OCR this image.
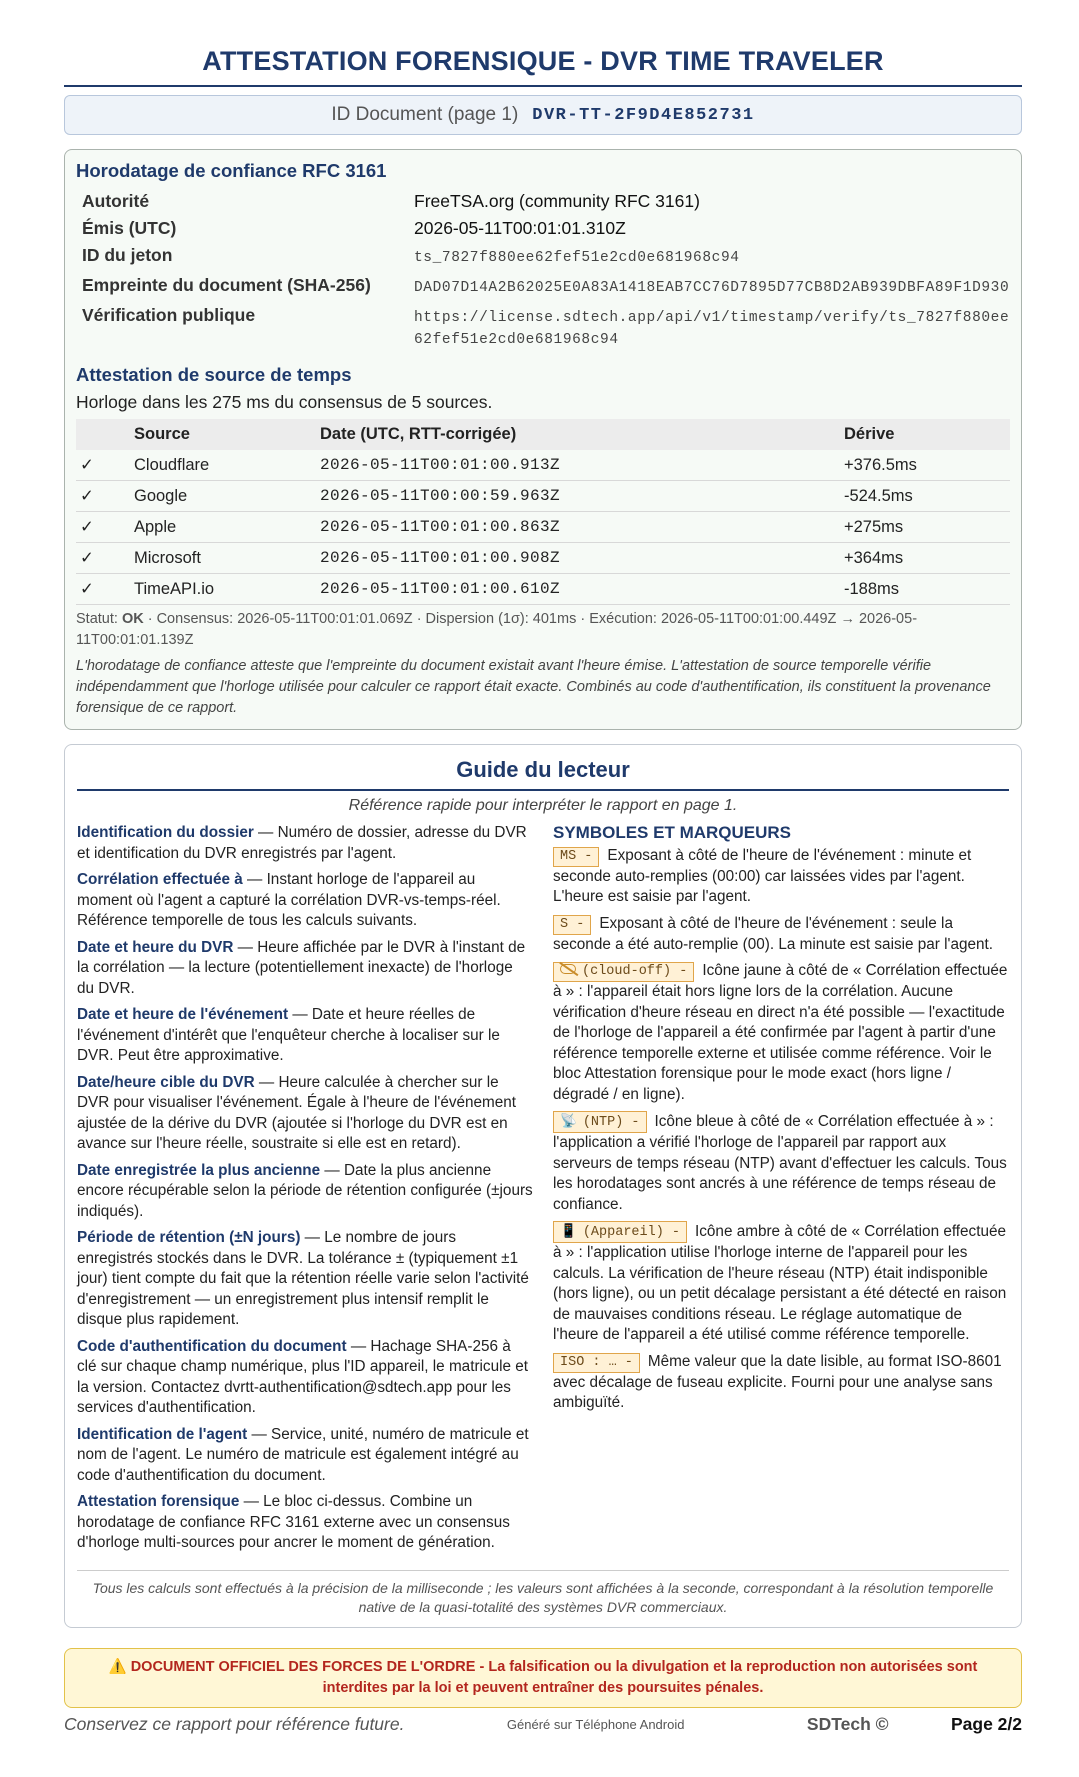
ATTESTATION FORENSIQUE - DVR TIME TRAVELER
ID Document (page 1) DVR-TT-2F9D4E852731
Horodatage de confiance RFC 3161
Autorité	FreeTSA.org (community RFC 3161)
Émis (UTC)	2026-05-11T00:01:01.310Z
ID du jeton	ts_7827f880ee62fef51e2cd0e681968c94
Empreinte du document (SHA-256)	DAD07D14A2B62025E0A83A1418EAB7CC76D7895D77CB8D2AB939DBFA89F1D930
Vérification publique	https://license.sdtech.app/api/v1/timestamp/verify/ts_7827f880ee62fef51e2cd0e681968c94
Attestation de source de temps
Horloge dans les 275 ms du consensus de 5 sources.
	Source	Date (UTC, RTT-corrigée)	Dérive
✓	Cloudflare	2026-05-11T00:01:00.913Z	+376.5ms
✓	Google	2026-05-11T00:00:59.963Z	-524.5ms
✓	Apple	2026-05-11T00:01:00.863Z	+275ms
✓	Microsoft	2026-05-11T00:01:00.908Z	+364ms
✓	TimeAPI.io	2026-05-11T00:01:00.610Z	-188ms
Statut: OK · Consensus: 2026-05-11T00:01:01.069Z · Dispersion (1σ): 401ms · Exécution: 2026-05-11T00:01:00.449Z → 2026-05-11T00:01:01.139Z
L'horodatage de confiance atteste que l'empreinte du document existait avant l'heure émise. L'attestation de source temporelle vérifie indépendamment que l'horloge utilisée pour calculer ce rapport était exacte. Combinés au code d'authentification, ils constituent la provenance forensique de ce rapport.
Guide du lecteur
Référence rapide pour interpréter le rapport en page 1.
Identification du dossier — Numéro de dossier, adresse du DVR et identification du DVR enregistrés par l'agent.
Corrélation effectuée à — Instant horloge de l'appareil au moment où l'agent a capturé la corrélation DVR-vs-temps-réel. Référence temporelle de tous les calculs suivants.
Date et heure du DVR — Heure affichée par le DVR à l'instant de la corrélation — la lecture (potentiellement inexacte) de l'horloge du DVR.
Date et heure de l'événement — Date et heure réelles de l'événement d'intérêt que l'enquêteur cherche à localiser sur le DVR. Peut être approximative.
Date/heure cible du DVR — Heure calculée à chercher sur le DVR pour visualiser l'événement. Égale à l'heure de l'événement ajustée de la dérive du DVR (ajoutée si l'horloge du DVR est en avance sur l'heure réelle, soustraite si elle est en retard).
Date enregistrée la plus ancienne — Date la plus ancienne encore récupérable selon la période de rétention configurée (±jours indiqués).
Période de rétention (±N jours) — Le nombre de jours enregistrés stockés dans le DVR. La tolérance ± (typiquement ±1 jour) tient compte du fait que la rétention réelle varie selon l'activité d'enregistrement — un enregistrement plus intensif remplit le disque plus rapidement.
Code d'authentification du document — Hachage SHA-256 à clé sur chaque champ numérique, plus l'ID appareil, le matricule et la version. Contactez dvrtt-authentification@sdtech.app pour les services d'authentification.
Identification de l'agent — Service, unité, numéro de matricule et nom de l'agent. Le numéro de matricule est également intégré au code d'authentification du document.
Attestation forensique — Le bloc ci-dessus. Combine un horodatage de confiance RFC 3161 externe avec un consensus d'horloge multi-sources pour ancrer le moment de génération.
SYMBOLES ET MARQUEURS
MS - Exposant à côté de l'heure de l'événement : minute et seconde auto-remplies (00:00) car laissées vides par l'agent. L'heure est saisie par l'agent.
S - Exposant à côté de l'heure de l'événement : seule la seconde a été auto-remplie (00). La minute est saisie par l'agent.
(cloud-off) - Icône jaune à côté de « Corrélation effectuée à » : l'appareil était hors ligne lors de la corrélation. Aucune vérification d'heure réseau en direct n'a été possible — l'exactitude de l'horloge de l'appareil a été confirmée par l'agent à partir d'une référence temporelle externe et utilisée comme référence. Voir le bloc Attestation forensique pour le mode exact (hors ligne / dégradé / en ligne).
📡 (NTP) - Icône bleue à côté de « Corrélation effectuée à » : l'application a vérifié l'horloge de l'appareil par rapport aux serveurs de temps réseau (NTP) avant d'effectuer les calculs. Tous les horodatages sont ancrés à une référence de temps réseau de confiance.
📱 (Appareil) - Icône ambre à côté de « Corrélation effectuée à » : l'application utilise l'horloge interne de l'appareil pour les calculs. La vérification de l'heure réseau (NTP) était indisponible (hors ligne), ou un petit décalage persistant a été détecté en raison de mauvaises conditions réseau. Le réglage automatique de l'heure de l'appareil a été utilisé comme référence temporelle.
ISO : … - Même valeur que la date lisible, au format ISO-8601 avec décalage de fuseau explicite. Fourni pour une analyse sans ambiguïté.
Tous les calculs sont effectués à la précision de la milliseconde ; les valeurs sont affichées à la seconde, correspondant à la résolution temporelle native de la quasi-totalité des systèmes DVR commerciaux.
⚠️ DOCUMENT OFFICIEL DES FORCES DE L'ORDRE - La falsification ou la divulgation et la reproduction non autorisées sont interdites par la loi et peuvent entraîner des poursuites pénales.
Conservez ce rapport pour référence future.	Généré sur Téléphone Android	SDTech ©	Page 2/2
